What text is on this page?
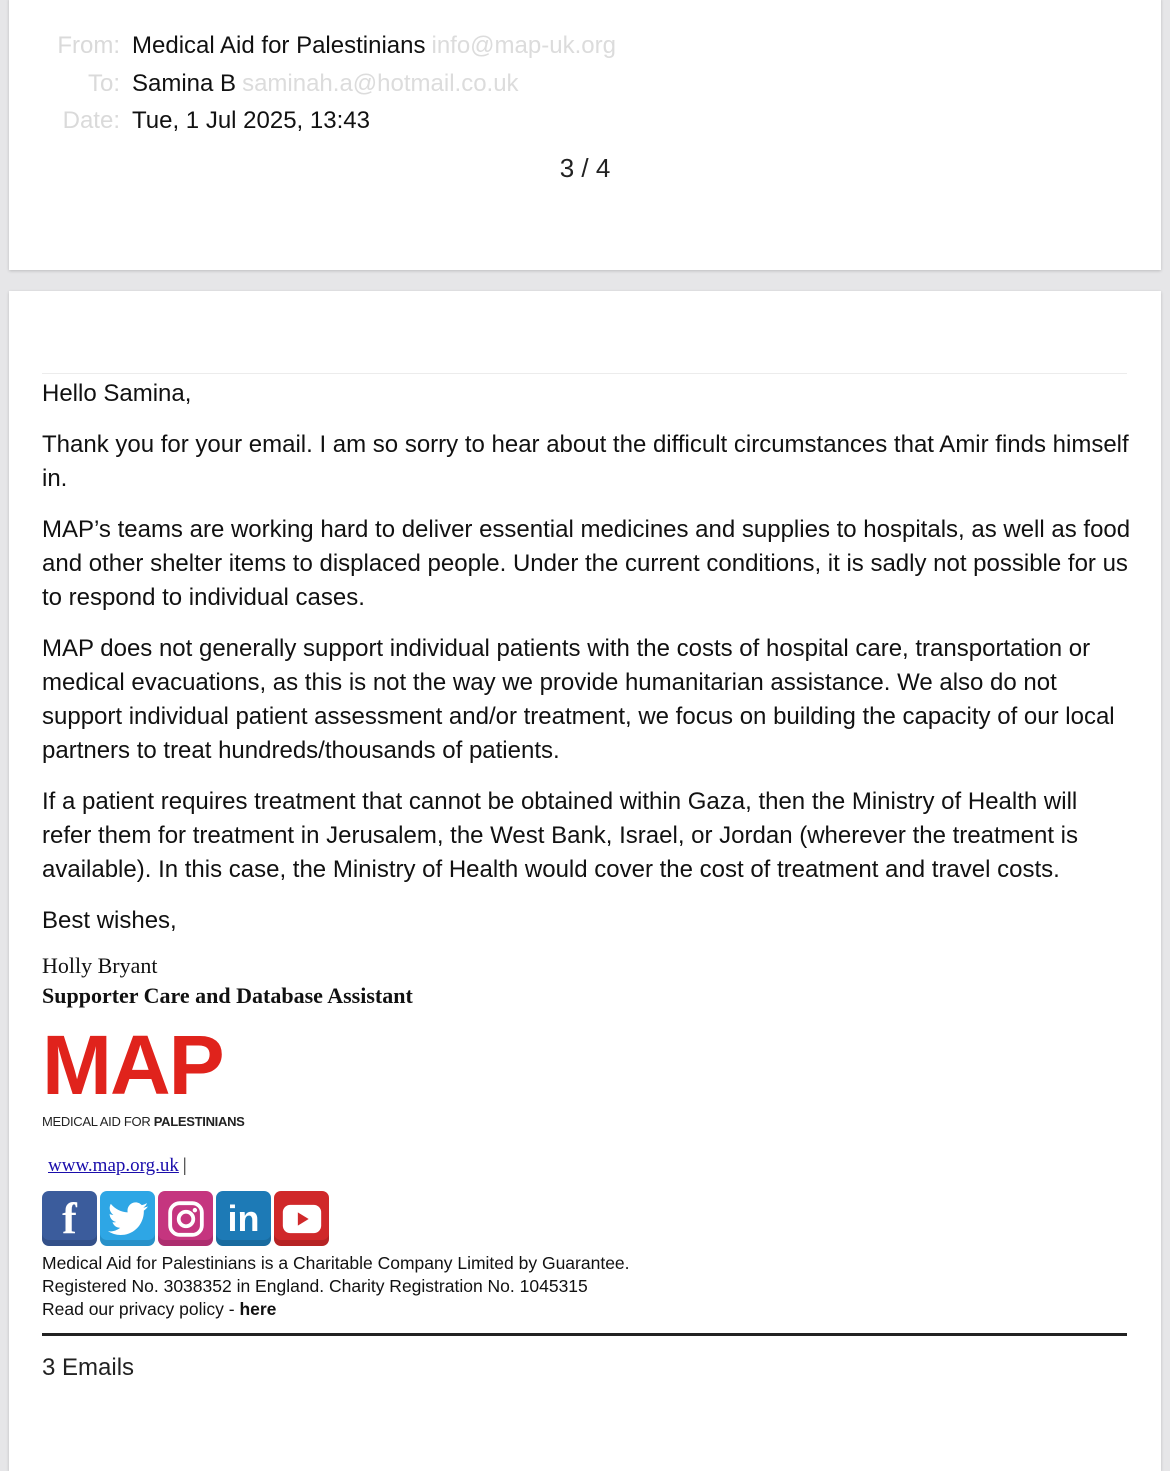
From: Medical Aid for Palestinians info@map-uk.org
To: Samina B saminah.a@hotmail.co.uk
Date: Tue, 1 Jul 2025, 13:43
3 / 4
Hello Samina,

Thank you for your email. I am so sorry to hear about the difficult circumstances that Amir finds himself in.

MAP’s teams are working hard to deliver essential medicines and supplies to hospitals, as well as food and other shelter items to displaced people. Under the current conditions, it is sadly not possible for us to respond to individual cases.

MAP does not generally support individual patients with the costs of hospital care, transportation or medical evacuations, as this is not the way we provide humanitarian assistance. We also do not support individual patient assessment and/or treatment, we focus on building the capacity of our local partners to treat hundreds/thousands of patients.

If a patient requires treatment that cannot be obtained within Gaza, then the Ministry of Health will refer them for treatment in Jerusalem, the West Bank, Israel, or Jordan (wherever the treatment is available). In this case, the Ministry of Health would cover the cost of treatment and travel costs.

Best wishes,
Holly Bryant
Supporter Care and Database Assistant
MAP
MEDICAL AID FOR PALESTINIANS
www.map.org.uk |
f	in
Medical Aid for Palestinians is a Charitable Company Limited by Guarantee.
Registered No. 3038352 in England. Charity Registration No. 1045315
Read our privacy policy - here
3 Emails
